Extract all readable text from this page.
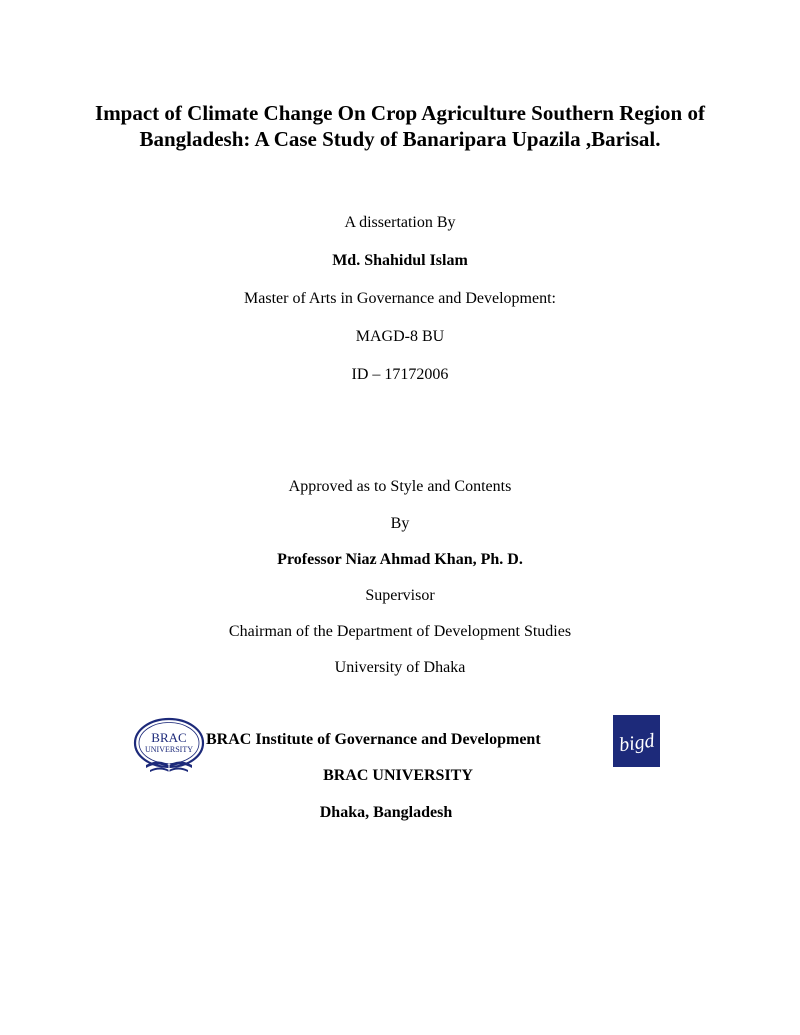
Impact of Climate Change On Crop Agriculture Southern Region of
Bangladesh: A Case Study of Banaripara Upazila ,Barisal.
A dissertation By
Md. Shahidul Islam
Master of Arts in Governance and Development:
MAGD-8 BU
ID – 17172006
Approved as to Style and Contents
By
Professor Niaz Ahmad Khan, Ph. D.
Supervisor
Chairman of the Department of Development Studies
University of Dhaka
BRAC
UNIVERSITY
BRAC Institute of Governance and Development	bigd
BRAC UNIVERSITY
Dhaka, Bangladesh
